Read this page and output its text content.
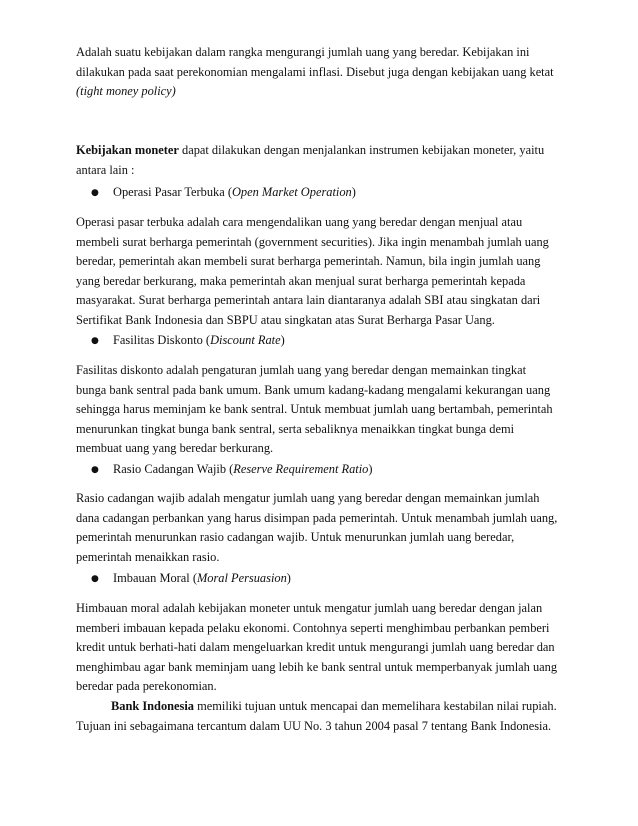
Adalah suatu kebijakan dalam rangka mengurangi jumlah uang yang beredar. Kebijakan ini
dilakukan pada saat perekonomian mengalami inflasi. Disebut juga dengan kebijakan uang ketat
(tight money policy)
Kebijakan moneter dapat dilakukan dengan menjalankan instrumen kebijakan moneter, yaitu
antara lain :
● Operasi Pasar Terbuka (Open Market Operation)
Operasi pasar terbuka adalah cara mengendalikan uang yang beredar dengan menjual atau
membeli surat berharga pemerintah (government securities). Jika ingin menambah jumlah uang
beredar, pemerintah akan membeli surat berharga pemerintah. Namun, bila ingin jumlah uang
yang beredar berkurang, maka pemerintah akan menjual surat berharga pemerintah kepada
masyarakat. Surat berharga pemerintah antara lain diantaranya adalah SBI atau singkatan dari
Sertifikat Bank Indonesia dan SBPU atau singkatan atas Surat Berharga Pasar Uang.
● Fasilitas Diskonto (Discount Rate)
Fasilitas diskonto adalah pengaturan jumlah uang yang beredar dengan memainkan tingkat
bunga bank sentral pada bank umum. Bank umum kadang-kadang mengalami kekurangan uang
sehingga harus meminjam ke bank sentral. Untuk membuat jumlah uang bertambah, pemerintah
menurunkan tingkat bunga bank sentral, serta sebaliknya menaikkan tingkat bunga demi
membuat uang yang beredar berkurang.
● Rasio Cadangan Wajib (Reserve Requirement Ratio)
Rasio cadangan wajib adalah mengatur jumlah uang yang beredar dengan memainkan jumlah
dana cadangan perbankan yang harus disimpan pada pemerintah. Untuk menambah jumlah uang,
pemerintah menurunkan rasio cadangan wajib. Untuk menurunkan jumlah uang beredar,
pemerintah menaikkan rasio.
● Imbauan Moral (Moral Persuasion)
Himbauan moral adalah kebijakan moneter untuk mengatur jumlah uang beredar dengan jalan
memberi imbauan kepada pelaku ekonomi. Contohnya seperti menghimbau perbankan pemberi
kredit untuk berhati-hati dalam mengeluarkan kredit untuk mengurangi jumlah uang beredar dan
menghimbau agar bank meminjam uang lebih ke bank sentral untuk memperbanyak jumlah uang
beredar pada perekonomian.
Bank Indonesia memiliki tujuan untuk mencapai dan memelihara kestabilan nilai rupiah.
Tujuan ini sebagaimana tercantum dalam UU No. 3 tahun 2004 pasal 7 tentang Bank Indonesia.
